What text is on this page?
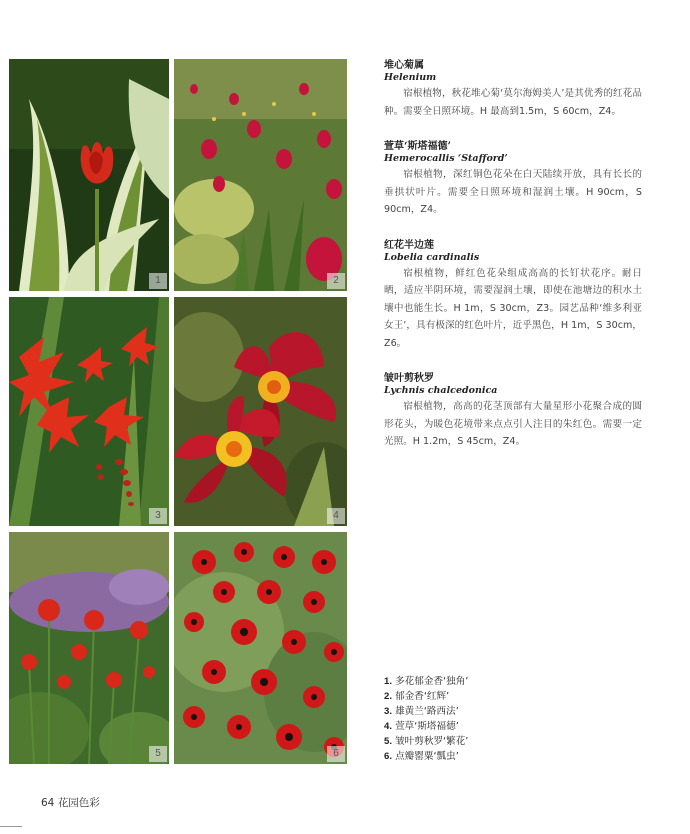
1	2
3	4
5	6
堆心菊属
Helenium
宿根植物，秋花堆心菊‘莫尔海姆美人’是其优秀的红花品种。需要全日照环境。H 最高到1.5m，S 60cm，Z4。
萱草‘斯塔福德’
Hemerocallis ‘Stafford’
宿根植物，深红铜色花朵在白天陆续开放，具有长长的垂拱状叶片。需要全日照环境和湿润土壤。H 90cm，S 90cm，Z4。
红花半边莲
Lobelia cardinalis
宿根植物，鲜红色花朵组成高高的长钉状花序。耐日晒，适应半阴环境，需要湿润土壤，即使在池塘边的积水土壤中也能生长。H 1m，S 30cm，Z3。园艺品种‘维多利亚女王’，具有极深的红色叶片，近乎黑色，H 1m，S 30cm，Z6。
皱叶剪秋罗
Lychnis chalcedonica
宿根植物，高高的花茎顶部有大量星形小花聚合成的圆形花头，为暖色花境带来点点引人注目的朱红色。需要一定光照。H 1.2m，S 45cm，Z4。
1. 多花郁金香‘独角’
2. 郁金香‘红辉’
3. 雄黄兰‘路西法’
4. 萱草‘斯塔福德’
5. 皱叶剪秋罗‘繁花’
6. 点瓣罂粟‘瓢虫’
64 花园色彩
